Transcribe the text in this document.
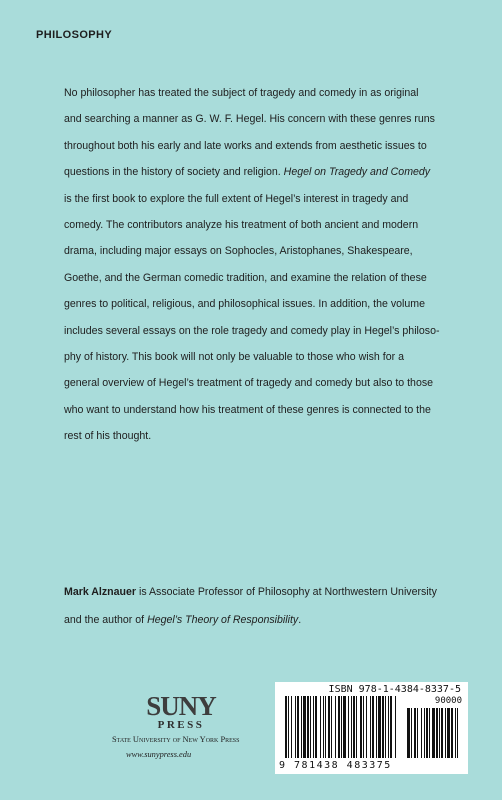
PHILOSOPHY

No philosopher has treated the subject of tragedy and comedy in as original

and searching a manner as G. W. F. Hegel. His concern with these genres runs

throughout both his early and late works and extends from aesthetic issues to

questions in the history of society and religion. Hegel on Tragedy and Comedy

is the first book to explore the full extent of Hegel’s interest in tragedy and

comedy. The contributors analyze his treatment of both ancient and modern

drama, including major essays on Sophocles, Aristophanes, Shakespeare,

Goethe, and the German comedic tradition, and examine the relation of these

genres to political, religious, and philosophical issues. In addition, the volume

includes several essays on the role tragedy and comedy play in Hegel’s philoso-

phy of history. This book will not only be valuable to those who wish for a

general overview of Hegel’s treatment of tragedy and comedy but also to those

who want to understand how his treatment of these genres is connected to the

rest of his thought.

Mark Alznauer is Associate Professor of Philosophy at Northwestern University

and the author of Hegel’s Theory of Responsibility.

SUNY
PRESS
State University of New York Press
www.sunypress.edu
ISBN 978-1-4384-8337-5
90000
9 781438 483375
